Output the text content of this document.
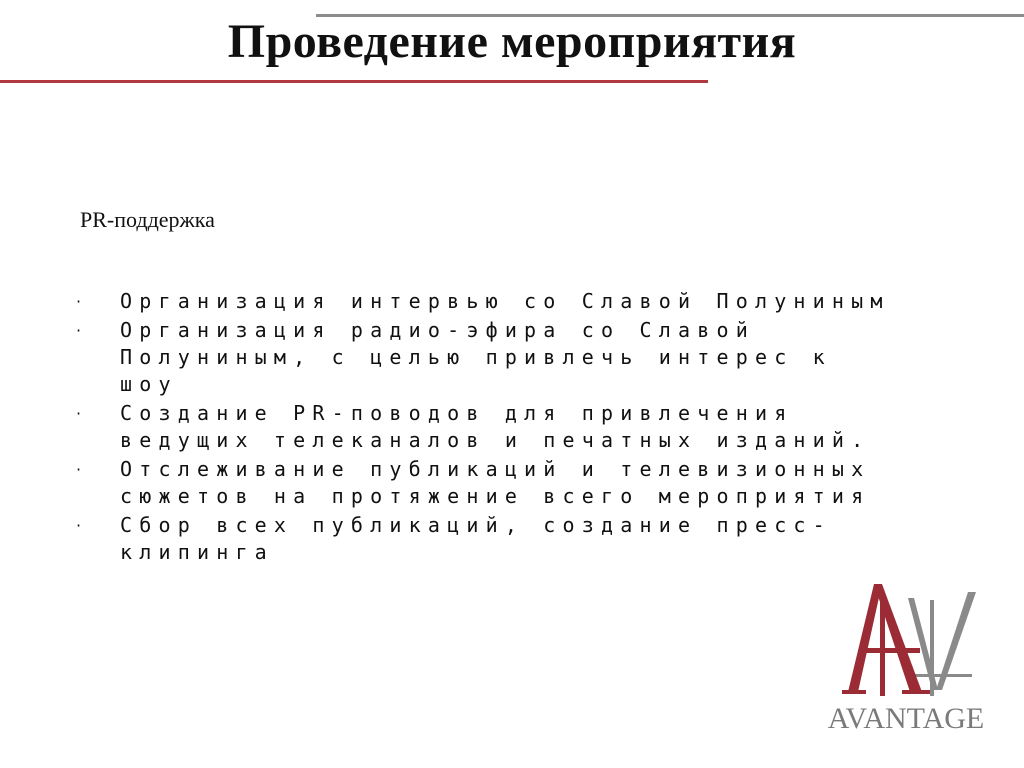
Проведение мероприятия
PR-поддержка
· Организация интервью со Славой Полуниным
· Организация радио-эфира со Славой Полуниным, с целью привлечь интерес к шоу
· Создание PR-поводов для привлечения ведущих телеканалов и печатных изданий.
· Отслеживание публикаций и телевизионных сюжетов на протяжение всего мероприятия
· Сбор всех публикаций, создание пресс-клипинга
AVANTAGE
